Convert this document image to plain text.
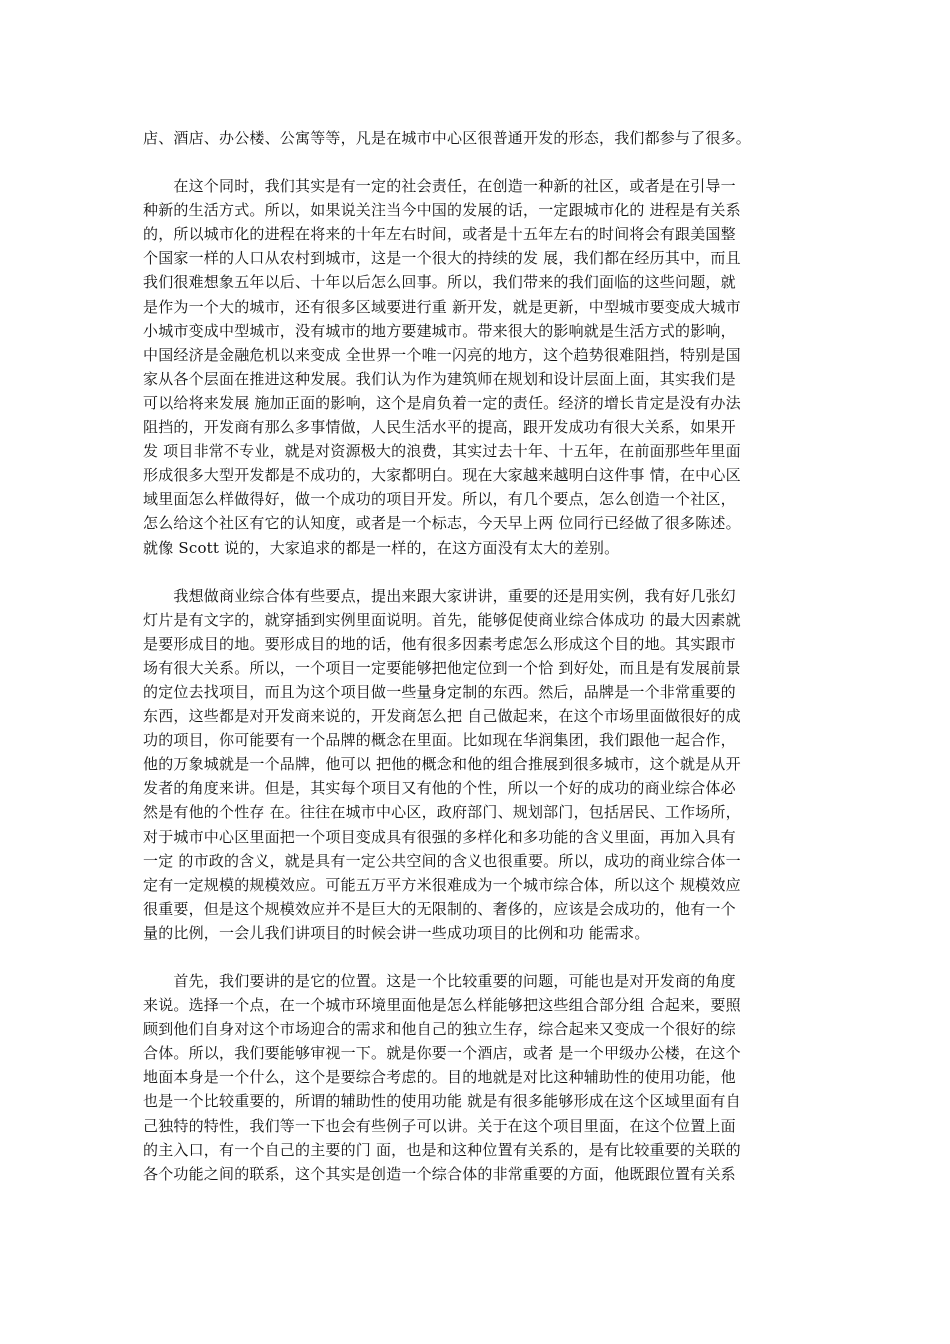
店、酒店、办公楼、公寓等等，凡是在城市中心区很普通开发的形态，我们都参与了很多。
　　在这个同时，我们其实是有一定的社会责任，在创造一种新的社区，或者是在引导一
种新的生活方式。所以，如果说关注当今中国的发展的话，一定跟城市化的 进程是有关系
的，所以城市化的进程在将来的十年左右时间，或者是十五年左右的时间将会有跟美国整
个国家一样的人口从农村到城市，这是一个很大的持续的发 展，我们都在经历其中，而且
我们很难想象五年以后、十年以后怎么回事。所以，我们带来的我们面临的这些问题，就
是作为一个大的城市，还有很多区域要进行重 新开发，就是更新，中型城市要变成大城市
小城市变成中型城市，没有城市的地方要建城市。带来很大的影响就是生活方式的影响，
中国经济是金融危机以来变成 全世界一个唯一闪亮的地方，这个趋势很难阻挡，特别是国
家从各个层面在推进这种发展。我们认为作为建筑师在规划和设计层面上面，其实我们是
可以给将来发展 施加正面的影响，这个是肩负着一定的责任。经济的增长肯定是没有办法
阻挡的，开发商有那么多事情做，人民生活水平的提高，跟开发成功有很大关系，如果开
发 项目非常不专业，就是对资源极大的浪费，其实过去十年、十五年，在前面那些年里面
形成很多大型开发都是不成功的，大家都明白。现在大家越来越明白这件事 情，在中心区
域里面怎么样做得好，做一个成功的项目开发。所以，有几个要点，怎么创造一个社区，
怎么给这个社区有它的认知度，或者是一个标志，今天早上两 位同行已经做了很多陈述。
就像 Scott 说的，大家追求的都是一样的，在这方面没有太大的差别。
　　我想做商业综合体有些要点，提出来跟大家讲讲，重要的还是用实例，我有好几张幻
灯片是有文字的，就穿插到实例里面说明。首先，能够促使商业综合体成功 的最大因素就
是要形成目的地。要形成目的地的话，他有很多因素考虑怎么形成这个目的地。其实跟市
场有很大关系。所以，一个项目一定要能够把他定位到一个恰 到好处，而且是有发展前景
的定位去找项目，而且为这个项目做一些量身定制的东西。然后，品牌是一个非常重要的
东西，这些都是对开发商来说的，开发商怎么把 自己做起来，在这个市场里面做很好的成
功的项目，你可能要有一个品牌的概念在里面。比如现在华润集团，我们跟他一起合作，
他的万象城就是一个品牌，他可以 把他的概念和他的组合推展到很多城市，这个就是从开
发者的角度来讲。但是，其实每个项目又有他的个性，所以一个好的成功的商业综合体必
然是有他的个性存 在。往往在城市中心区，政府部门、规划部门，包括居民、工作场所，
对于城市中心区里面把一个项目变成具有很强的多样化和多功能的含义里面，再加入具有
一定 的市政的含义，就是具有一定公共空间的含义也很重要。所以，成功的商业综合体一
定有一定规模的规模效应。可能五万平方米很难成为一个城市综合体，所以这个 规模效应
很重要，但是这个规模效应并不是巨大的无限制的、奢侈的，应该是会成功的，他有一个
量的比例，一会儿我们讲项目的时候会讲一些成功项目的比例和功 能需求。
　　首先，我们要讲的是它的位置。这是一个比较重要的问题，可能也是对开发商的角度
来说。选择一个点，在一个城市环境里面他是怎么样能够把这些组合部分组 合起来，要照
顾到他们自身对这个市场迎合的需求和他自己的独立生存，综合起来又变成一个很好的综
合体。所以，我们要能够审视一下。就是你要一个酒店，或者 是一个甲级办公楼，在这个
地面本身是一个什么，这个是要综合考虑的。目的地就是对比这种辅助性的使用功能，他
也是一个比较重要的，所谓的辅助性的使用功能 就是有很多能够形成在这个区域里面有自
己独特的特性，我们等一下也会有些例子可以讲。关于在这个项目里面，在这个位置上面
的主入口，有一个自己的主要的门 面，也是和这种位置有关系的，是有比较重要的关联的
各个功能之间的联系，这个其实是创造一个综合体的非常重要的方面，他既跟位置有关系
